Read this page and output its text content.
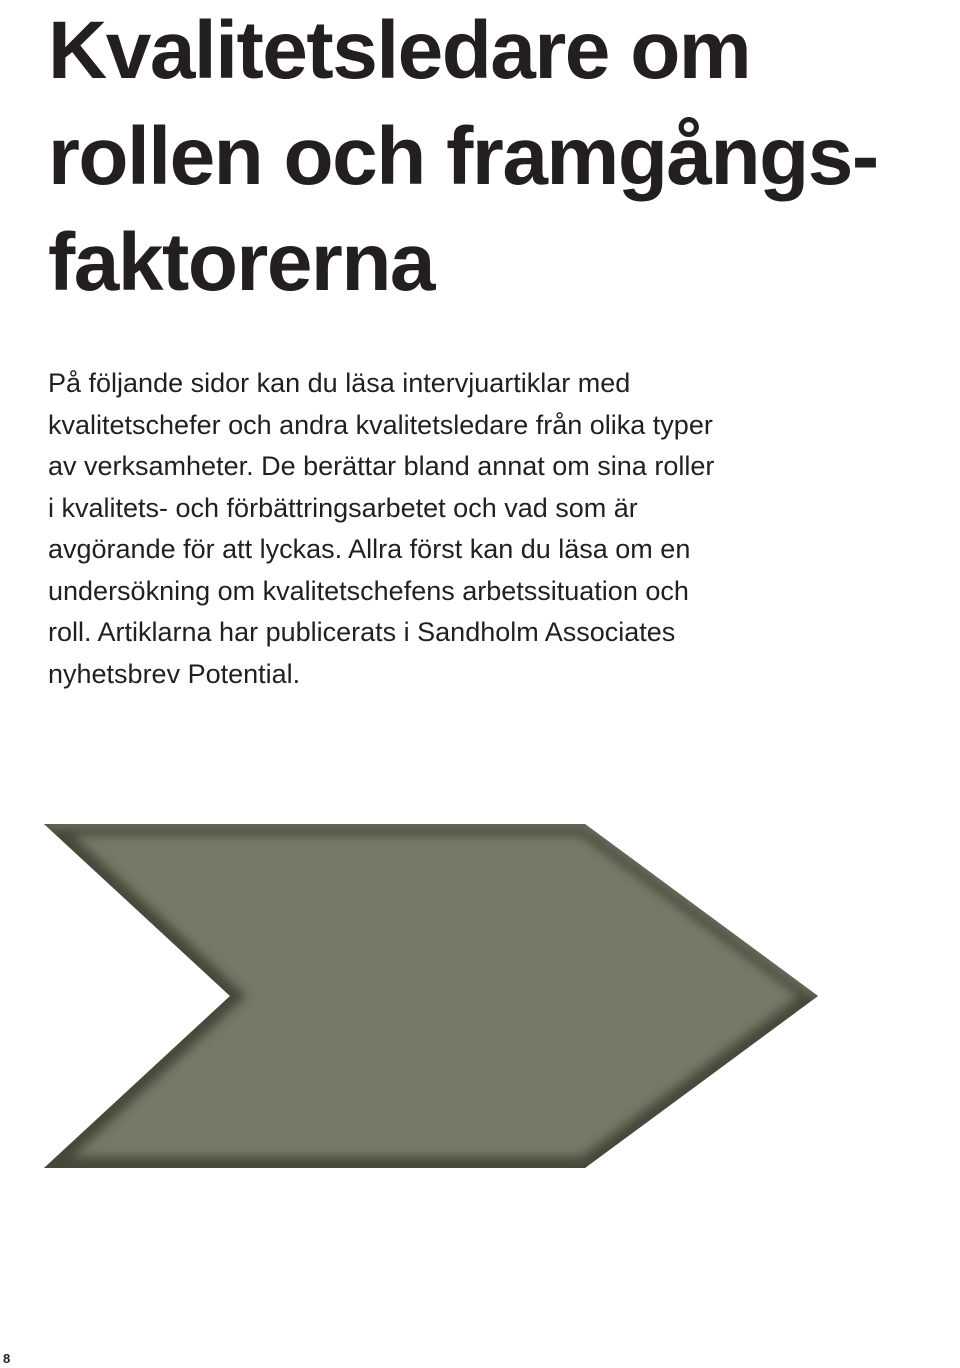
Kvalitetsledare om
rollen och framgångs-
faktorerna

På följande sidor kan du läsa intervjuartiklar med
kvalitetschefer och andra kvalitetsledare från olika typer
av verksamheter. De berättar bland annat om sina roller
i kvalitets- och förbättringsarbetet och vad som är
avgörande för att lyckas. Allra först kan du läsa om en
undersökning om kvalitetschefens arbetssituation och
roll. Artiklarna har publicerats i Sandholm Associates
nyhetsbrev Potential.

8
